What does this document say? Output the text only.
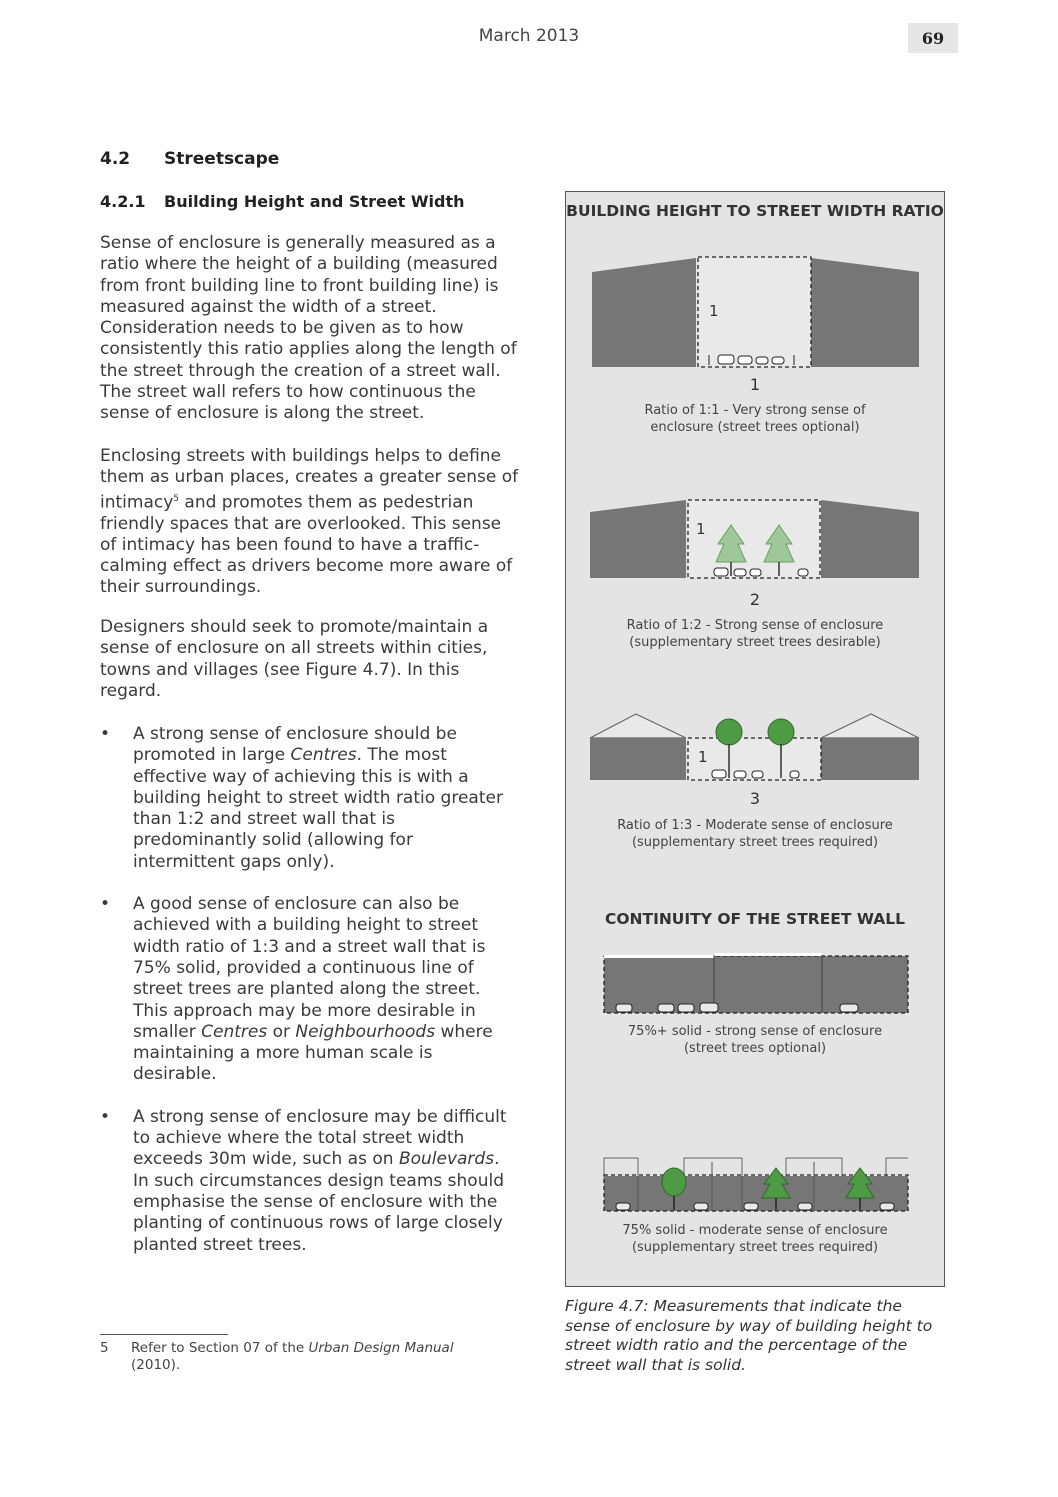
March 2013	69
4.2 Streetscape
4.2.1 Building Height and Street Width
Sense of enclosure is generally measured as a ratio where the height of a building (measured from front building line to front building line) is measured against the width of a street. Consideration needs to be given as to how consistently this ratio applies along the length of the street through the creation of a street wall. The street wall refers to how continuous the sense of enclosure is along the street.
Enclosing streets with buildings helps to define them as urban places, creates a greater sense of intimacy$^5$ and promotes them as pedestrian friendly spaces that are overlooked. This sense of intimacy has been found to have a traffic-calming effect as drivers become more aware of their surroundings.
Designers should seek to promote/maintain a sense of enclosure on all streets within cities, towns and villages (see Figure 4.7). In this regard.
• A strong sense of enclosure should be promoted in large Centres. The most effective way of achieving this is with a building height to street width ratio greater than 1:2 and street wall that is predominantly solid (allowing for intermittent gaps only).
• A good sense of enclosure can also be achieved with a building height to street width ratio of 1:3 and a street wall that is 75% solid, provided a continuous line of street trees are planted along the street. This approach may be more desirable in smaller Centres or Neighbourhoods where maintaining a more human scale is desirable.
• A strong sense of enclosure may be difficult to achieve where the total street width exceeds 30m wide, such as on Boulevards. In such circumstances design teams should emphasise the sense of enclosure with the planting of continuous rows of large closely planted street trees.
5 Refer to Section 07 of the Urban Design Manual (2010).
BUILDING HEIGHT TO STREET WIDTH RATIO
1
1
Ratio of 1:1 - Very strong sense of
enclosure (street trees optional)
1
2
Ratio of 1:2 - Strong sense of enclosure
(supplementary street trees desirable)
1
3
Ratio of 1:3 - Moderate sense of enclosure
(supplementary street trees required)
CONTINUITY OF THE STREET WALL
75%+ solid - strong sense of enclosure
(street trees optional)
75% solid - moderate sense of enclosure
(supplementary street trees required)
Figure 4.7: Measurements that indicate the sense of enclosure by way of building height to street width ratio and the percentage of the street wall that is solid.
